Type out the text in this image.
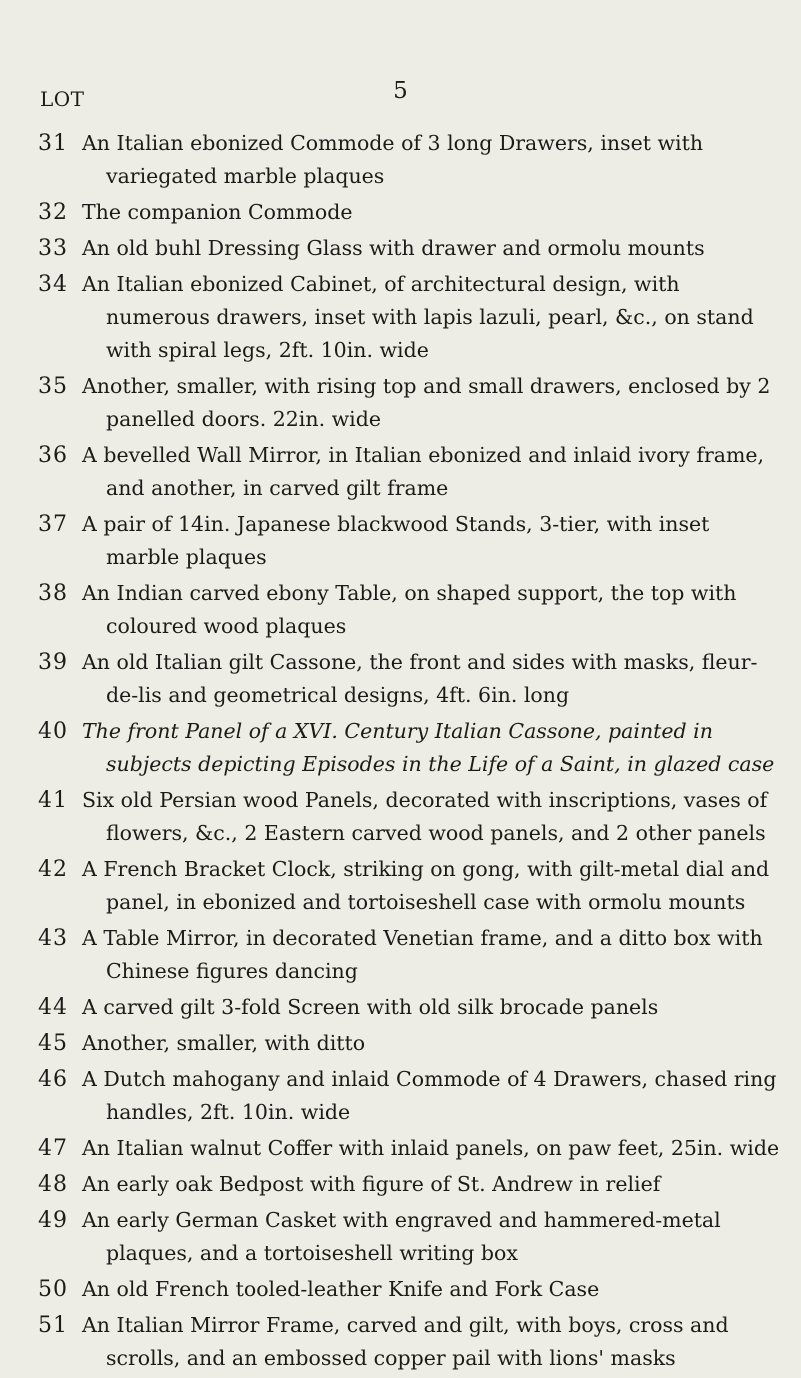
5
LOT
31 An Italian ebonized Commode of 3 long Drawers, inset with variegated marble plaques
32 The companion Commode
33 An old buhl Dressing Glass with drawer and ormolu mounts
34 An Italian ebonized Cabinet, of architectural design, with numerous drawers, inset with lapis lazuli, pearl, &c., on stand with spiral legs, 2ft. 10in. wide
35 Another, smaller, with rising top and small drawers, enclosed by 2 panelled doors. 22in. wide
36 A bevelled Wall Mirror, in Italian ebonized and inlaid ivory frame, and another, in carved gilt frame
37 A pair of 14in. Japanese blackwood Stands, 3-tier, with inset marble plaques
38 An Indian carved ebony Table, on shaped support, the top with coloured wood plaques
39 An old Italian gilt Cassone, the front and sides with masks, fleur-de-lis and geometrical designs, 4ft. 6in. long
40 The front Panel of a XVI. Century Italian Cassone, painted in subjects depicting Episodes in the Life of a Saint, in glazed case
41 Six old Persian wood Panels, decorated with inscriptions, vases of flowers, &c., 2 Eastern carved wood panels, and 2 other panels
42 A French Bracket Clock, striking on gong, with gilt-metal dial and panel, in ebonized and tortoiseshell case with ormolu mounts
43 A Table Mirror, in decorated Venetian frame, and a ditto box with Chinese figures dancing
44 A carved gilt 3-fold Screen with old silk brocade panels
45 Another, smaller, with ditto
46 A Dutch mahogany and inlaid Commode of 4 Drawers, chased ring handles, 2ft. 10in. wide
47 An Italian walnut Coffer with inlaid panels, on paw feet, 25in. wide
48 An early oak Bedpost with figure of St. Andrew in relief
49 An early German Casket with engraved and hammered-metal plaques, and a tortoiseshell writing box
50 An old French tooled-leather Knife and Fork Case
51 An Italian Mirror Frame, carved and gilt, with boys, cross and scrolls, and an embossed copper pail with lions' masks
